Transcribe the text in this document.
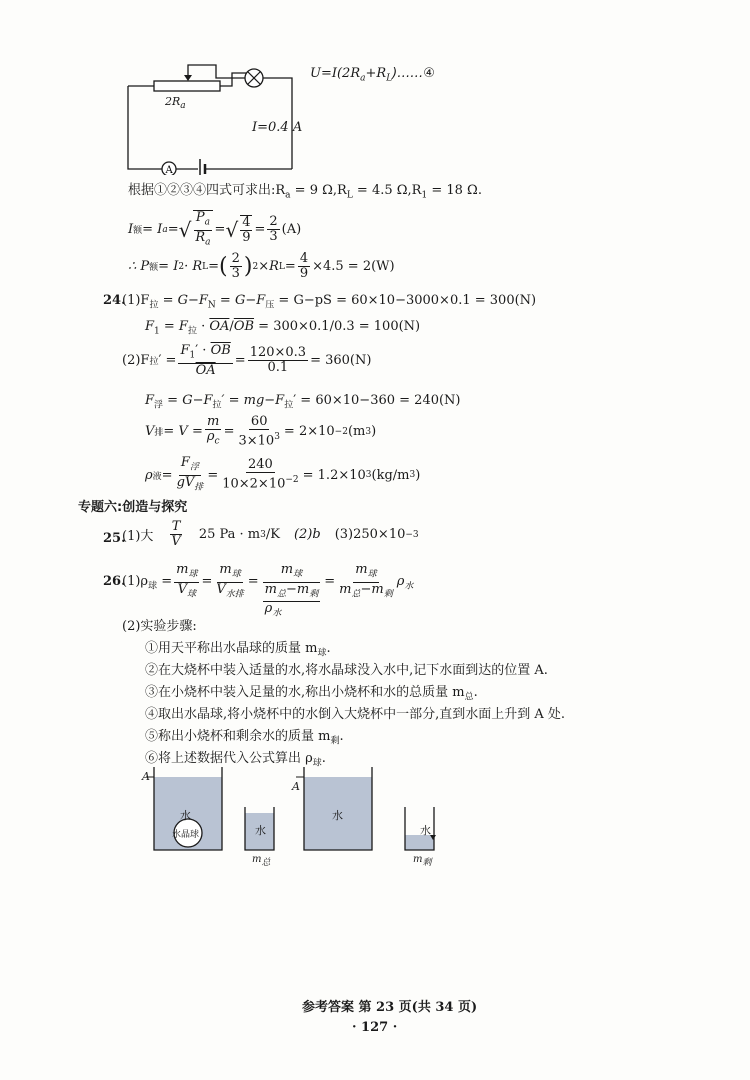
A
$2R_a$
I=0.4 A
$U=I(2R_a+R_L)\dots\dots ④$
根据①②③④四式可求出$:R_a = 9$ $\Omega,R_L = 4.5$ $\Omega,R_1 = 18$ Ω.
I 额 = I a = √ $\frac{P_a}{R_a}$ = √ $\frac{4}{9} = \frac{2}{3} (A)$
∴ P 额 = I 2 · R L = ( $\frac{2}{3}$ ) 2 ×R $L = \frac{4}{9} \times 4.5 = 2(W)$
24.
$(1)F_拉 = G-F_N = G-F_压 = G-pS = 60\times 10-3000\times 0.1 = 300(N)$
$F_1 = F_拉 \cdot \overline{OA}/\overline{OB} = 300\times 0.1/0.3 = 100(N)$
(2)F 拉 ′ = $\frac{F_1' \cdot \overline{OB}}{OA} = \frac{120\times 0.3}{0.1} = 360(N)$
$F_浮 = G-F_拉' = mg-F_拉' = 60\times 10-360 = 240(N)$
V 排 = $V = \frac{m}{\rho_c} = \frac{60}{3\times 10^3} = 2\times 10 -2$ (m 3 )
ρ 液 = $\frac{F_浮}{gV_排} = \frac{240}{10\times 2\times 10^{-2}} = 1.2\times 10$ 3 (kg/m 3 )
专题六:创造与探究
25.
(1)大 $\frac{T}{V} 25$ Pa · m 3 /K (2)b (3)250×10 −3
26.
$(1)\rho_球 = \frac{m_球}{V_球} = \frac{m_球}{V_{水排}} = \frac{m_球}{\frac{m_总-m_剩}{\rho_水}} = \frac{m_球}{m_总-m_剩} \rho_水$
(2)实验步骤:
①用天平称出水晶球的质量 $m_球$.
②在大烧杯中装入适量的水,将水晶球没入水中,记下水面到达的位置 A.
③在小烧杯中装入足量的水,称出小烧杯和水的总质量 $m_总$.
④取出水晶球,将小烧杯中的水倒入大烧杯中一部分,直到水面上升到 A 处.
⑤称出小烧杯和剩余水的质量 $m_剩$.
⑥将上述数据代入公式算出 $\rho_球$.
A
A
水
水晶球	水
水
水
$m_总$	$m_剩$
参考答案 第 23 页(共 34 页)
· 127 ·
